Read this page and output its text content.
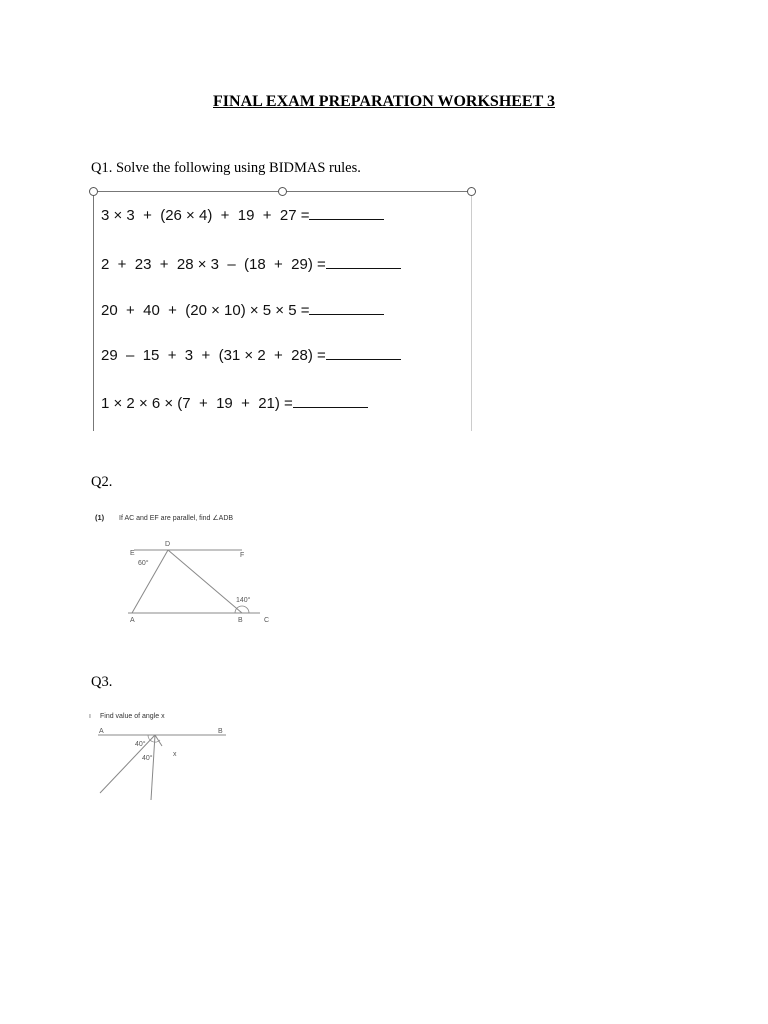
FINAL EXAM PREPARATION WORKSHEET 3
Q1. Solve the following using BIDMAS rules.
3 × 3  +  (26 × 4)  +  19  +  27 =
2  +  23  +  28 × 3  –  (18  +  29) =
20  +  40  +  (20 × 10) × 5 × 5 =
29  –  15  +  3  +  (31 × 2  +  28) =
1 × 2 × 6 × (7  +  19  +  21) =
Q2.
(1) If AC and EF are parallel, find ∠ADB
D
E	F
A	B	C
60°
140°
Q3.
ı Find value of angle x
A	B
40°
40°
x
